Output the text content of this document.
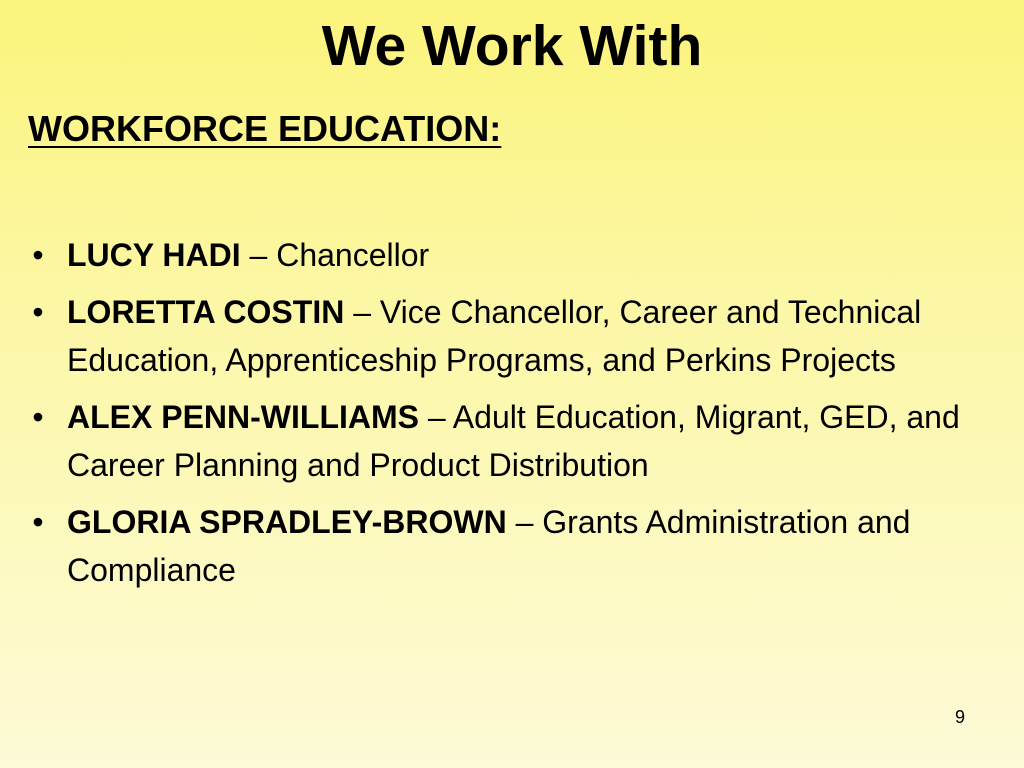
We Work With
WORKFORCE EDUCATION:
• LUCY HADI – Chancellor
• LORETTA COSTIN – Vice Chancellor, Career and Technical Education, Apprenticeship Programs, and Perkins Projects
• ALEX PENN-WILLIAMS – Adult Education, Migrant, GED, and Career Planning and Product Distribution
• GLORIA SPRADLEY-BROWN – Grants Administration and Compliance
9
